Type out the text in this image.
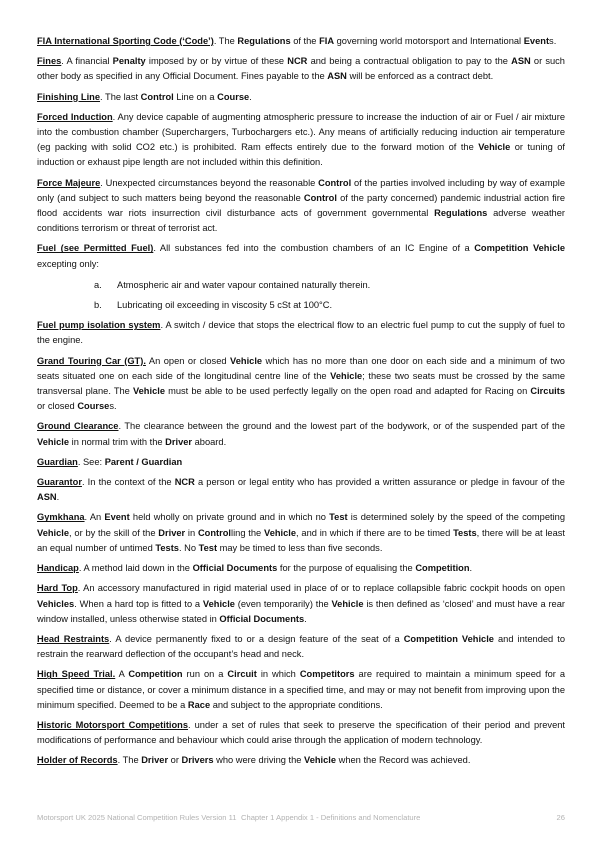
FIA International Sporting Code (‘Code’). The Regulations of the FIA governing world motorsport and International Events.

Fines. A financial Penalty imposed by or by virtue of these NCR and being a contractual obligation to pay to the ASN or such other body as specified in any Official Document. Fines payable to the ASN will be enforced as a contract debt.

Finishing Line. The last Control Line on a Course.

Forced Induction. Any device capable of augmenting atmospheric pressure to increase the induction of air or Fuel / air mixture into the combustion chamber (Superchargers, Turbochargers etc.). Any means of artificially reducing induction air temperature (eg packing with solid CO2 etc.) is prohibited. Ram effects entirely due to the forward motion of the Vehicle or tuning of induction or exhaust pipe length are not included within this definition.

Force Majeure. Unexpected circumstances beyond the reasonable Control of the parties involved including by way of example only (and subject to such matters being beyond the reasonable Control of the party concerned) pandemic industrial action fire flood accidents war riots insurrection civil disturbance acts of government governmental Regulations adverse weather conditions terrorism or threat of terrorist act.

Fuel (see Permitted Fuel). All substances fed into the combustion chambers of an IC Engine of a Competition Vehicle excepting only:

a.	Atmospheric air and water vapour contained naturally therein.
b.	Lubricating oil exceeding in viscosity 5 cSt at 100°C.

Fuel pump isolation system. A switch / device that stops the electrical flow to an electric fuel pump to cut the supply of fuel to the engine.

Grand Touring Car (GT). An open or closed Vehicle which has no more than one door on each side and a minimum of two seats situated one on each side of the longitudinal centre line of the Vehicle; these two seats must be crossed by the same transversal plane. The Vehicle must be able to be used perfectly legally on the open road and adapted for Racing on Circuits or closed Courses.

Ground Clearance. The clearance between the ground and the lowest part of the bodywork, or of the suspended part of the Vehicle in normal trim with the Driver aboard.

Guardian. See: Parent / Guardian

Guarantor. In the context of the NCR a person or legal entity who has provided a written assurance or pledge in favour of the ASN.

Gymkhana. An Event held wholly on private ground and in which no Test is determined solely by the speed of the competing Vehicle, or by the skill of the Driver in Controlling the Vehicle, and in which if there are to be timed Tests, there will be at least an equal number of untimed Tests. No Test may be timed to less than five seconds.

Handicap. A method laid down in the Official Documents for the purpose of equalising the Competition.

Hard Top. An accessory manufactured in rigid material used in place of or to replace collapsible fabric cockpit hoods on open Vehicles. When a hard top is fitted to a Vehicle (even temporarily) the Vehicle is then defined as ‘closed’ and must have a rear window installed, unless otherwise stated in Official Documents.

Head Restraints. A device permanently fixed to or a design feature of the seat of a Competition Vehicle and intended to restrain the rearward deflection of the occupant’s head and neck.

High Speed Trial. A Competition run on a Circuit in which Competitors are required to maintain a minimum speed for a specified time or distance, or cover a minimum distance in a specified time, and may or may not benefit from improving upon the minimum specified. Deemed to be a Race and subject to the appropriate conditions.

Historic Motorsport Competitions. under a set of rules that seek to preserve the specification of their period and prevent modifications of performance and behaviour which could arise through the application of modern technology.

Holder of Records. The Driver or Drivers who were driving the Vehicle when the Record was achieved.

Motorsport UK 2025 National Competition Rules Version 11 Chapter 1 Appendix 1 - Definitions and Nomenclature	26
